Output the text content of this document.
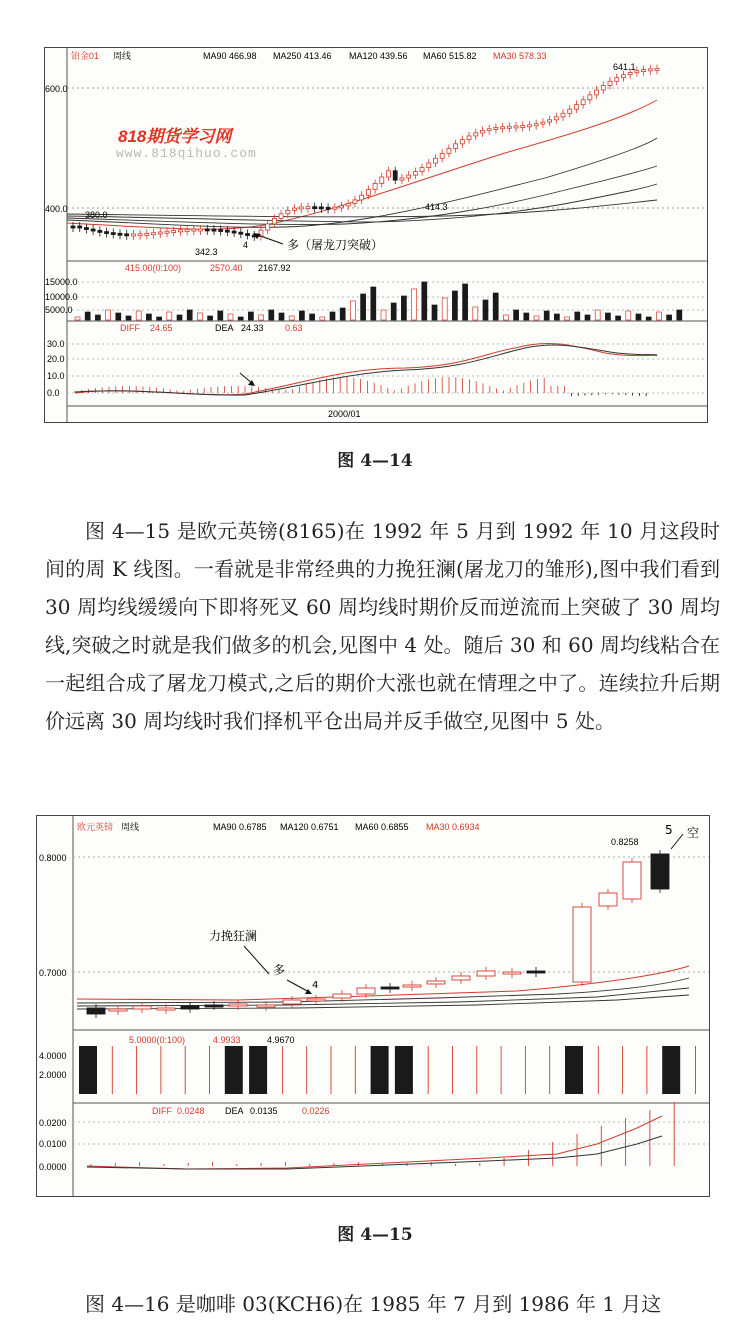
铂金01 周线	MA90 466.98 MA250 413.46 MA120 439.56 MA60 515.82 MA30 578.33
600.0
400.0
641.1
414.3
380.0
342.3
4	多（屠龙刀突破）
415.00(0:100)	2570.40 2167.92
15000.0
10000.0
5000.0
DIFF 24.65	DEA 24.33 0.63
30.0
20.0
10.0
0.0
2000/01
818期货学习网
www.818qihuo.com
图 4—14

图 4—15 是欧元英镑(8165)在 1992 年 5 月到 1992 年 10 月这段时间的周 K 线图。一看就是非常经典的力挽狂澜(屠龙刀的雏形),图中我们看到 30 周均线缓缓向下即将死叉 60 周均线时期价反而逆流而上突破了 30 周均线,突破之时就是我们做多的机会,见图中 4 处。随后 30 和 60 周均线粘合在一起组合成了屠龙刀模式,之后的期价大涨也就在情理之中了。连续拉升后期价远离 30 周均线时我们择机平仓出局并反手做空,见图中 5 处。

欧元英镑 周线	MA90 0.6785 MA120 0.6751 MA60 0.6855 MA30 0.6934
0.8000
0.7000
0.8258
5 空
力挽狂澜
多
4
5.0000(0:100)	4.9933	4.9670
4.0000
2.0000
DIFF 0.0248 DEA 0.0135	0.0226
0.0200
0.0100
0.0000
图 4—15

图 4—16 是咖啡 03(KCH6)在 1985 年 7 月到 1986 年 1 月这
